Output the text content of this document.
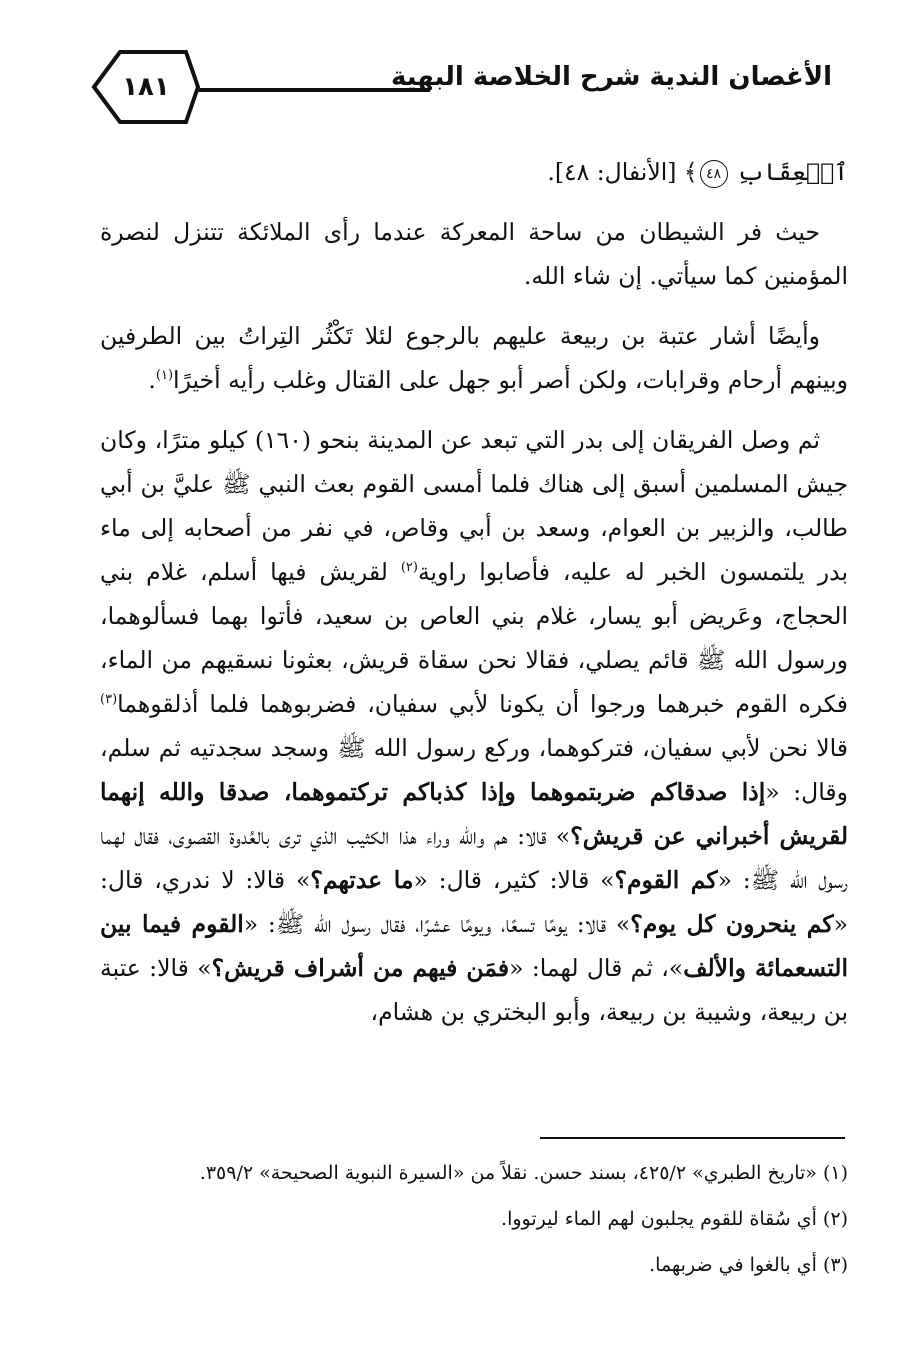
الأغصان الندية شرح الخلاصة البهية
١٨١

ٱلۡعِقَابِ ٤٨﴾ [الأنفال: ٤٨].

حيث فر الشيطان من ساحة المعركة عندما رأى الملائكة تتنزل لنصرة المؤمنين كما سيأتي. إن شاء الله.

وأيضًا أشار عتبة بن ربيعة عليهم بالرجوع لئلا تَكْثُر التِراتُ بين الطرفين وبينهم أرحام وقرابات، ولكن أصر أبو جهل على القتال وغلب رأيه أخيرًا$^{(١)}$.

ثم وصل الفريقان إلى بدر التي تبعد عن المدينة بنحو (١٦٠) كيلو مترًا، وكان جيش المسلمين أسبق إلى هناك فلما أمسى القوم بعث النبي ﷺ عليَّ بن أبي طالب، والزبير بن العوام، وسعد بن أبي وقاص، في نفر من أصحابه إلى ماء بدر يلتمسون الخبر له عليه، فأصابوا راوية$^{(٢)}$ لقريش فيها أسلم، غلام بني الحجاج، وعَريض أبو يسار، غلام بني العاص بن سعيد، فأتوا بهما فسألوهما، ورسول الله ﷺ قائم يصلي، فقالا نحن سقاة قريش، بعثونا نسقيهم من الماء، فكره القوم خبرهما ورجوا أن يكونا لأبي سفيان، فضربوهما فلما أذلقوهما$^{(٣)}$ قالا نحن لأبي سفيان، فتركوهما، وركع رسول الله ﷺ وسجد سجدتيه ثم سلم، وقال: «إذا صدقاكم ضربتموهما وإذا كذباكم تركتموهما، صدقا والله إنهما لقريش أخبراني عن قريش؟» قالا: هم والله وراء هذا الكثيب الذي ترى بالعُدوة القصوى، فقال لهما رسول الله ﷺ: «كم القوم؟» قالا: كثير، قال: «ما عدتهم؟» قالا: لا ندري، قال: «كم ينحرون كل يوم؟» قالا: يومًا تسعًا، ويومًا عشرًا، فقال رسول الله ﷺ: «القوم فيما بين التسعمائة والألف»، ثم قال لهما: «فمَن فيهم من أشراف قريش؟» قالا: عتبة بن ربيعة، وشيبة بن ربيعة، وأبو البختري بن هشام،

(١) «تاريخ الطبري» ٤٢٥/٢، بسند حسن. نقلاً من «السيرة النبوية الصحيحة» ٣٥٩/٢.

(٢) أي سُقاة للقوم يجلبون لهم الماء ليرتووا.

(٣) أي بالغوا في ضربهما.
